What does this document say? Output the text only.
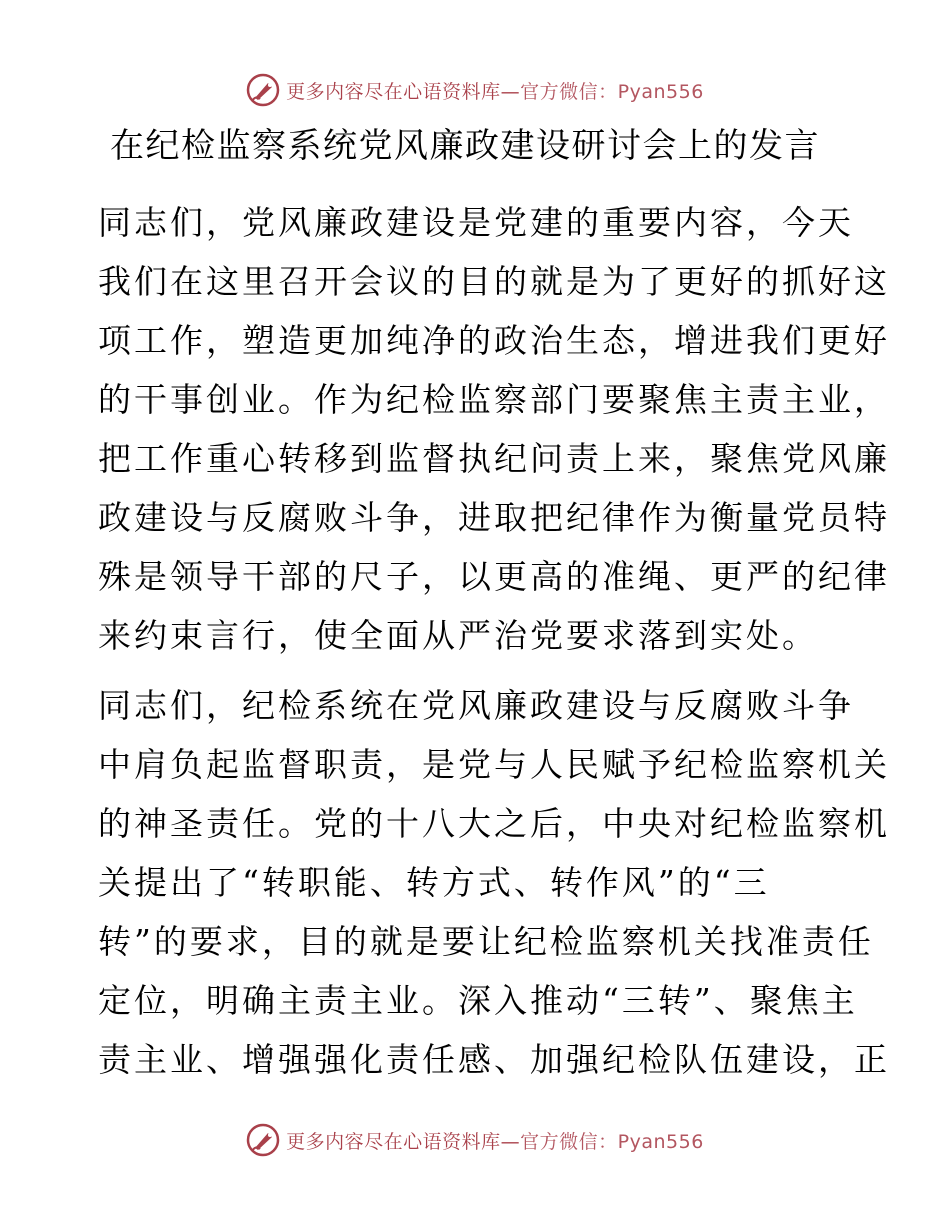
更多内容尽在心语资料库—官方微信：Pyan556
在纪检监察系统党风廉政建设研讨会上的发言
同志们，党风廉政建设是党建的重要内容，今天
我们在这里召开会议的目的就是为了更好的抓好这
项工作，塑造更加纯净的政治生态，增进我们更好
的干事创业。作为纪检监察部门要聚焦主责主业，
把工作重心转移到监督执纪问责上来，聚焦党风廉
政建设与反腐败斗争，进取把纪律作为衡量党员特
殊是领导干部的尺子，以更高的准绳、更严的纪律
来约束言行，使全面从严治党要求落到实处。
同志们，纪检系统在党风廉政建设与反腐败斗争
中肩负起监督职责，是党与人民赋予纪检监察机关
的神圣责任。党的十八大之后，中央对纪检监察机
关提出了“转职能、转方式、转作风”的“三
转”的要求，目的就是要让纪检监察机关找准责任
定位，明确主责主业。深入推动“三转”、聚焦主
责主业、增强强化责任感、加强纪检队伍建设，正
更多内容尽在心语资料库—官方微信：Pyan556
